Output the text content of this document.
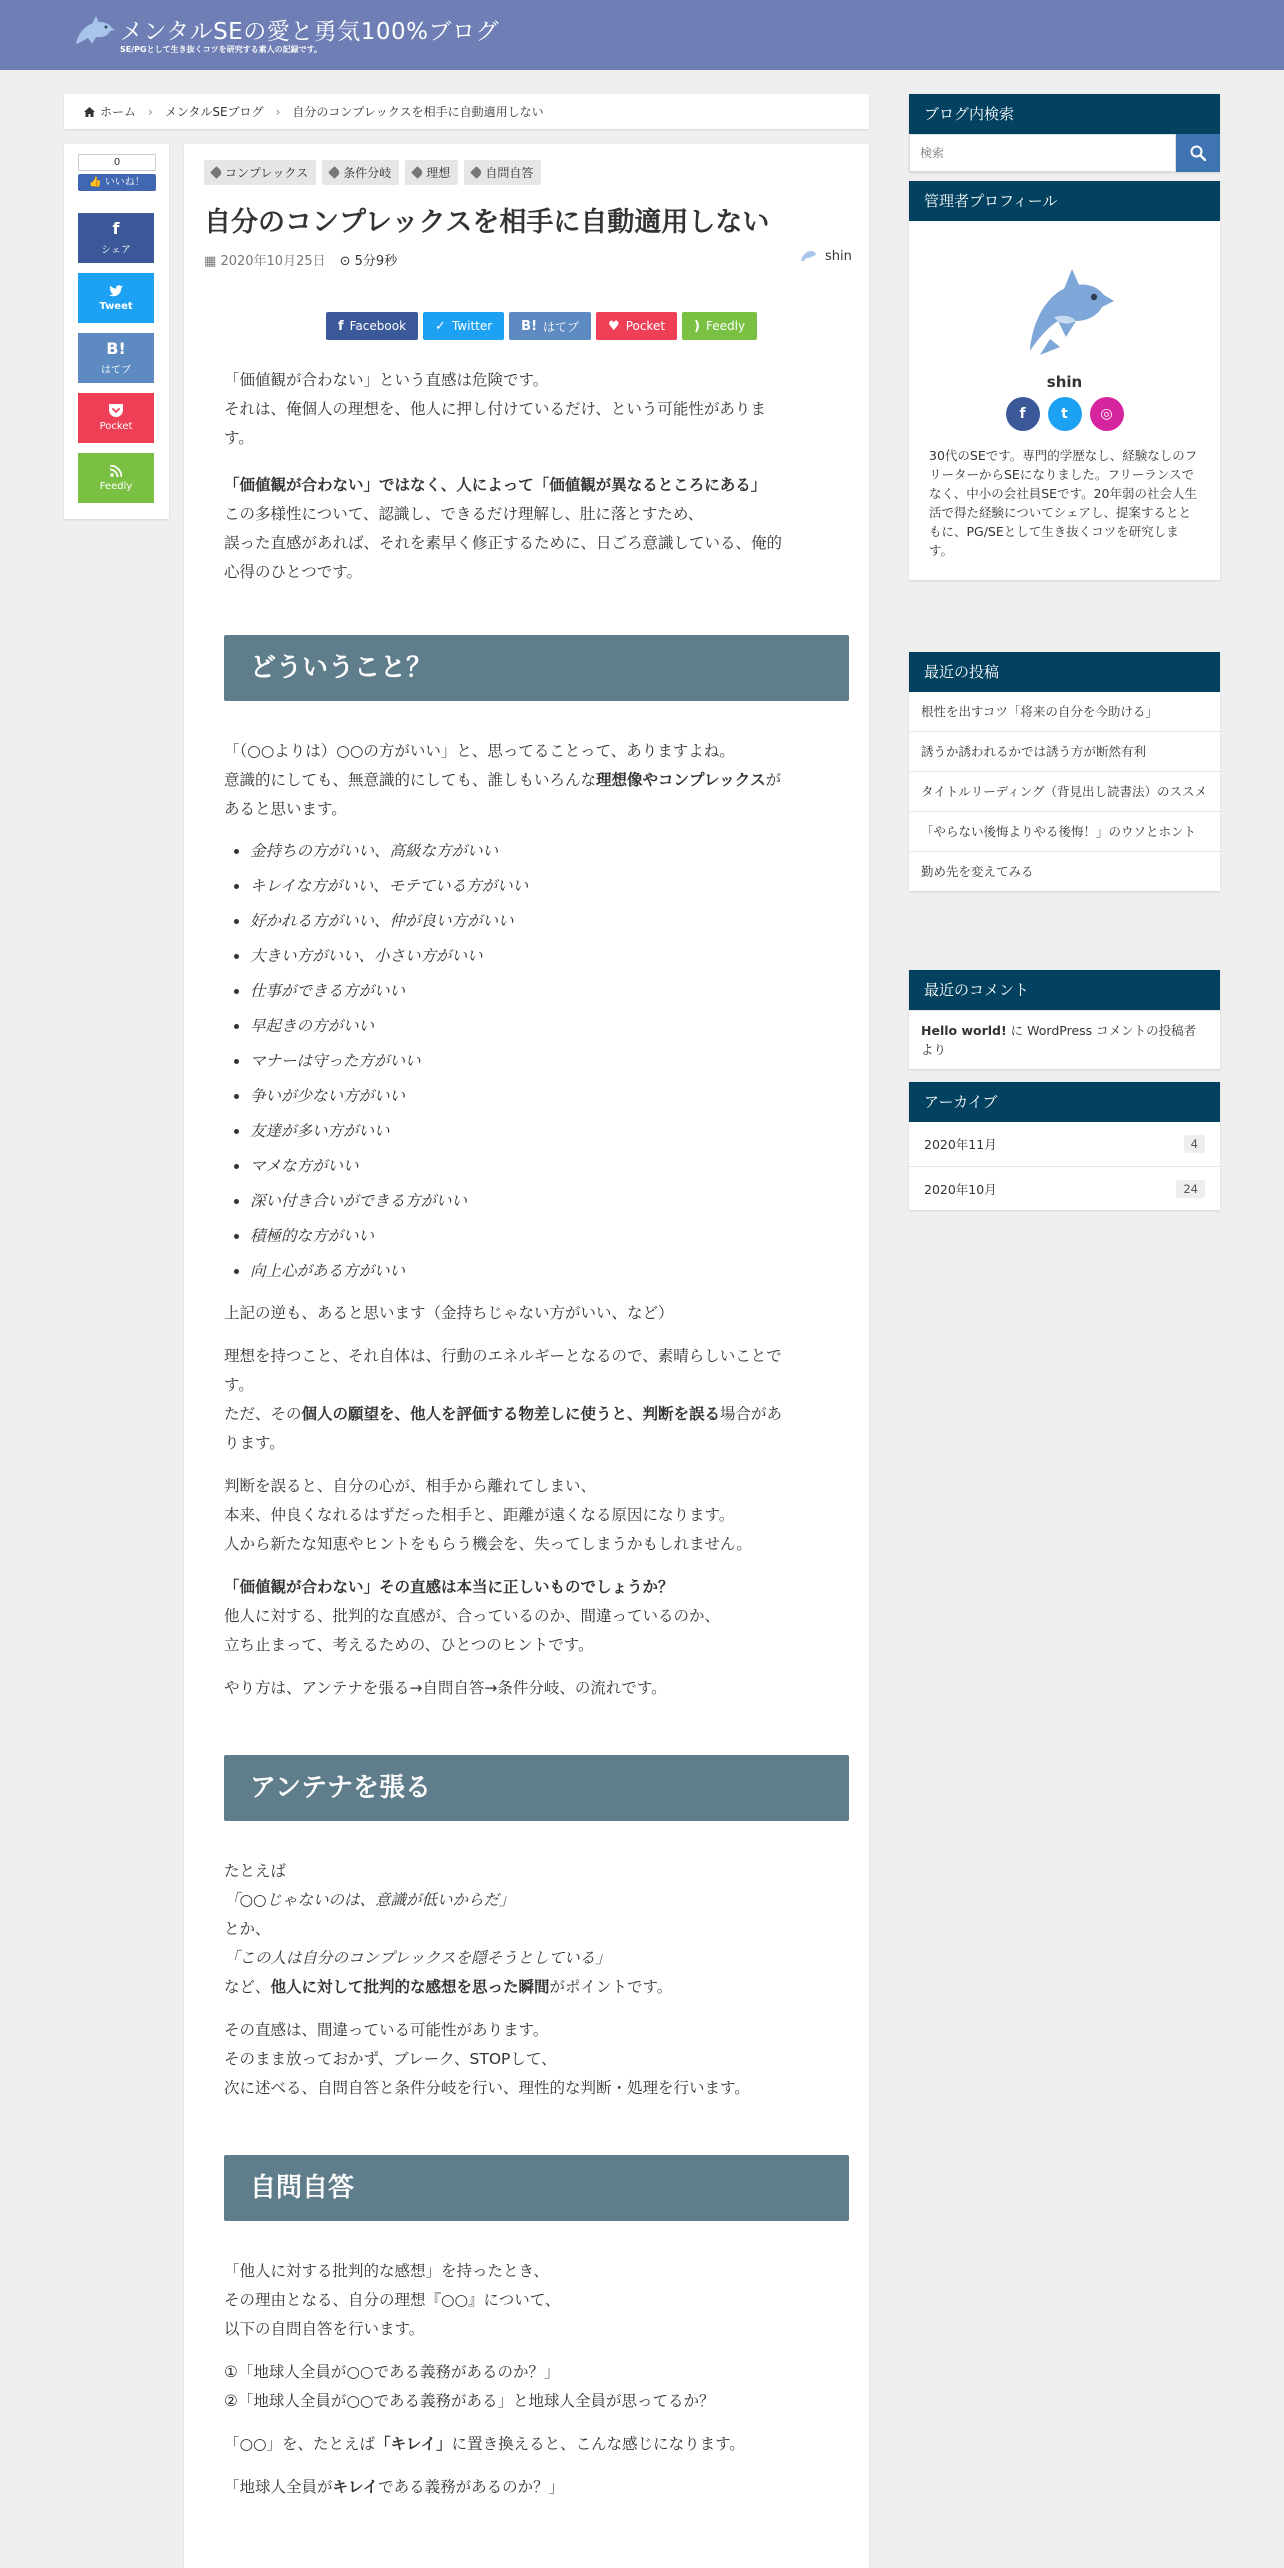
メンタルSEの愛と勇気100%ブログ
SE/PGとして生き抜くコツを研究する素人の記録です。
ホーム › メンタルSEブログ › 自分のコンプレックスを相手に自動適用しない
0
👍 いいね！
f
シェア
Tweet
B!
はてブ
Pocket
Feedly
コンプレックス	条件分岐	理想	自問自答
自分のコンプレックスを相手に自動適用しない
▦ 2020年10月25日 ⊙ 5分9秒	shin
f Facebook ✓ Twitter B! はてブ ♥ Pocket ) Feedly

「価値観が合わない」という直感は危険です。
それは、俺個人の理想を、他人に押し付けているだけ、という可能性がありま
す。

「価値観が合わない」ではなく、人によって「価値観が異なるところにある」
この多様性について、認識し、できるだけ理解し、肚に落とすため、
誤った直感があれば、それを素早く修正するために、日ごろ意識している、俺的
心得のひとつです。

どういうこと？

「（○○よりは）○○の方がいい」と、思ってることって、ありますよね。
意識的にしても、無意識的にしても、誰しもいろんな理想像やコンプレックスが
あると思います。

• 金持ちの方がいい、高級な方がいい
• キレイな方がいい、モテている方がいい
• 好かれる方がいい、仲が良い方がいい
• 大きい方がいい、小さい方がいい
• 仕事ができる方がいい
• 早起きの方がいい
• マナーは守った方がいい
• 争いが少ない方がいい
• 友達が多い方がいい
• マメな方がいい
• 深い付き合いができる方がいい
• 積極的な方がいい
• 向上心がある方がいい

上記の逆も、あると思います（金持ちじゃない方がいい、など）

理想を持つこと、それ自体は、行動のエネルギーとなるので、素晴らしいことで
す。
ただ、その個人の願望を、他人を評価する物差しに使うと、判断を誤る場合があ
ります。

判断を誤ると、自分の心が、相手から離れてしまい、
本来、仲良くなれるはずだった相手と、距離が遠くなる原因になります。
人から新たな知恵やヒントをもらう機会を、失ってしまうかもしれません。

「価値観が合わない」その直感は本当に正しいものでしょうか？
他人に対する、批判的な直感が、合っているのか、間違っているのか、
立ち止まって、考えるための、ひとつのヒントです。

やり方は、アンテナを張る→自問自答→条件分岐、の流れです。

アンテナを張る

たとえば
「○○じゃないのは、意識が低いからだ」
とか、
「この人は自分のコンプレックスを隠そうとしている」
など、他人に対して批判的な感想を思った瞬間がポイントです。

その直感は、間違っている可能性があります。
そのまま放っておかず、ブレーク、STOPして、
次に述べる、自問自答と条件分岐を行い、理性的な判断・処理を行います。

自問自答

「他人に対する批判的な感想」を持ったとき、
その理由となる、自分の理想『○○』について、
以下の自問自答を行います。

①「地球人全員が○○である義務があるのか？」
②「地球人全員が○○である義務がある」と地球人全員が思ってるか？

「○○」を、たとえば「キレイ」に置き換えると、こんな感じになります。

「地球人全員がキレイである義務があるのか？」

ブログ内検索
検索
管理者プロフィール
shin
f	t	◎
30代のSEです。専門的学歴なし、経験なしのフリーターからSEになりました。フリーランスでなく、中小の会社員SEです。20年弱の社会人生活で得た経験についてシェアし、提案するとともに、PG/SEとして生き抜くコツを研究します。
最近の投稿
根性を出すコツ「将来の自分を今助ける」
誘うか誘われるかでは誘う方が断然有利
タイトルリーディング（背見出し読書法）のススメ
「やらない後悔よりやる後悔！」のウソとホント
勤め先を変えてみる
最近のコメント
Hello world! に WordPress コメントの投稿者 より
アーカイブ
2020年11月	4
2020年10月	24
